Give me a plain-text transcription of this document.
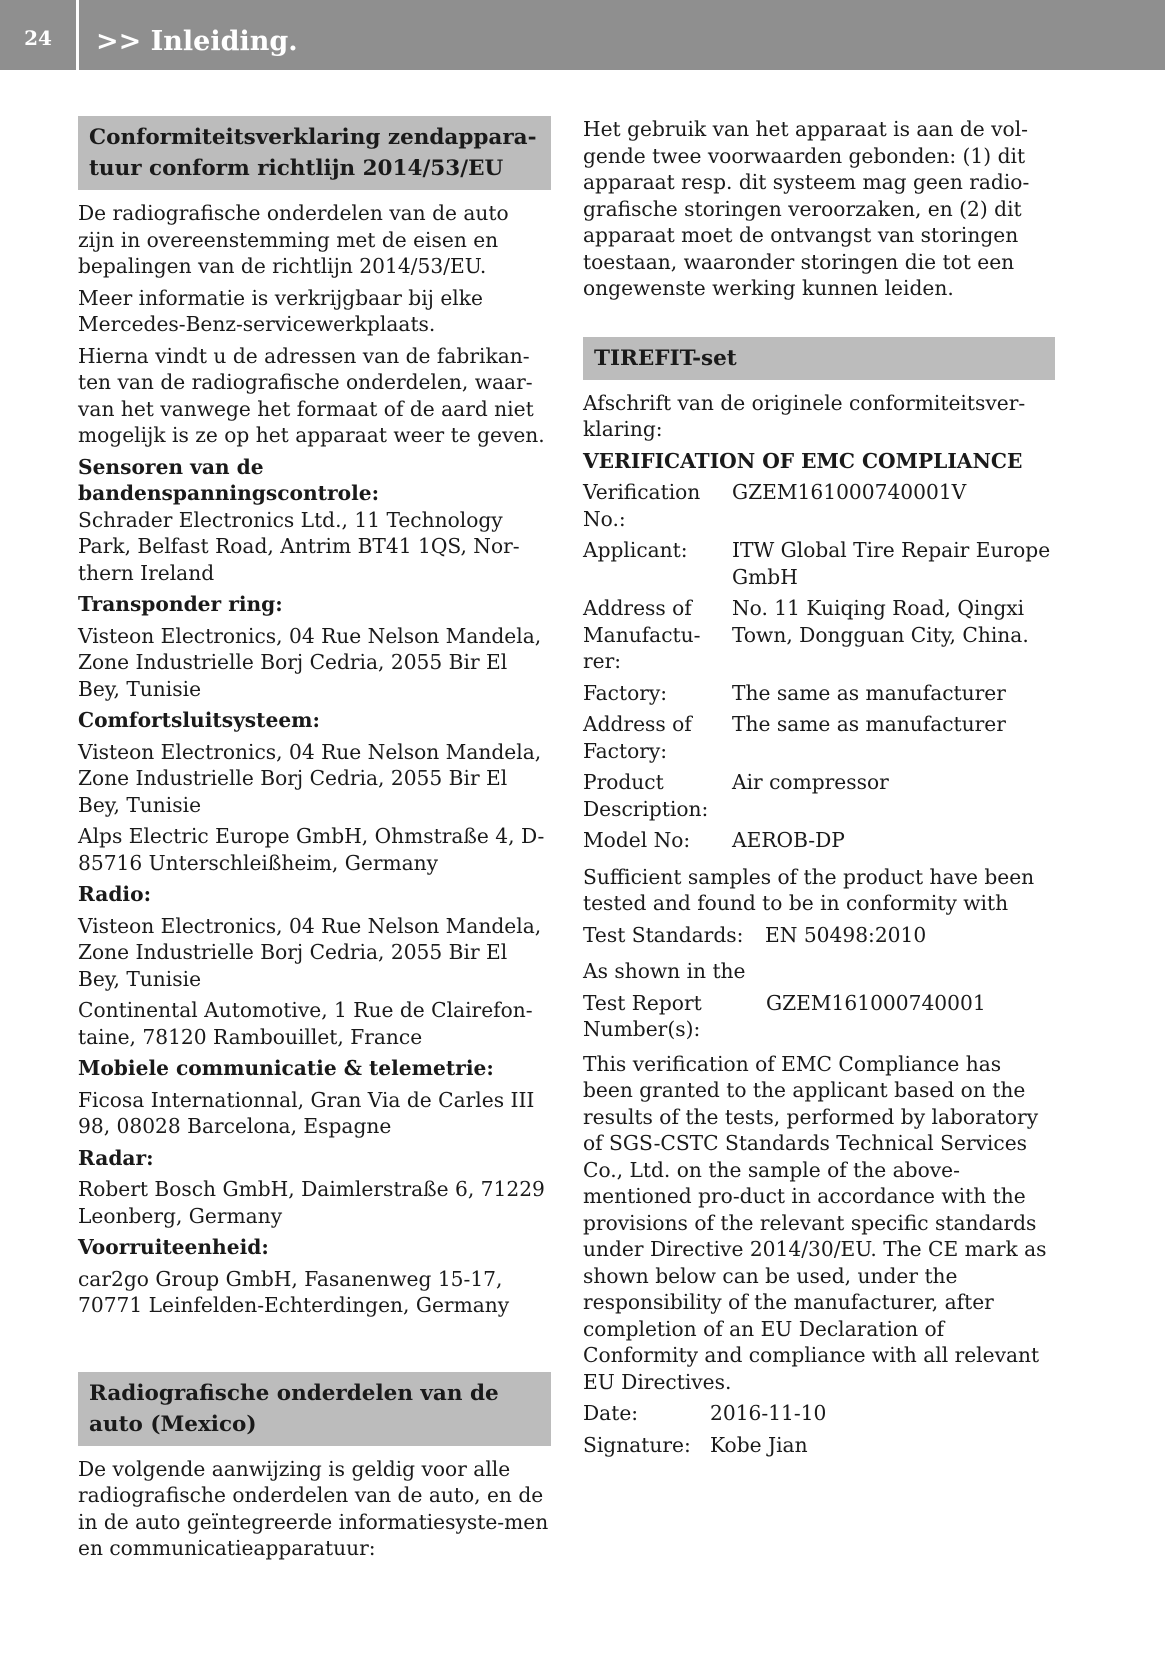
24	>> Inleiding.
Conformiteitsverklaring zendappara-tuur conform richtlijn 2014/53/EU

De radiografische onderdelen van de auto zijn in overeenstemming met de eisen en bepalingen van de richtlijn 2014/53/EU.

Meer informatie is verkrijgbaar bij elke Mercedes-Benz-servicewerkplaats.

Hierna vindt u de adressen van de fabrikan-ten van de radiografische onderdelen, waar-van het vanwege het formaat of de aard niet mogelijk is ze op het apparaat weer te geven.

Sensoren van de bandenspanningscontrole:

Schrader Electronics Ltd., 11 Technology Park, Belfast Road, Antrim BT41 1QS, Nor-thern Ireland

Transponder ring:

Visteon Electronics, 04 Rue Nelson Mandela, Zone Industrielle Borj Cedria, 2055 Bir El Bey, Tunisie

Comfortsluitsysteem:

Visteon Electronics, 04 Rue Nelson Mandela, Zone Industrielle Borj Cedria, 2055 Bir El Bey, Tunisie

Alps Electric Europe GmbH, Ohmstraße 4, D-85716 Unterschleißheim, Germany

Radio:

Visteon Electronics, 04 Rue Nelson Mandela, Zone Industrielle Borj Cedria, 2055 Bir El Bey, Tunisie

Continental Automotive, 1 Rue de Clairefon-taine, 78120 Rambouillet, France

Mobiele communicatie & telemetrie:

Ficosa Internationnal, Gran Via de Carles III 98, 08028 Barcelona, Espagne

Radar:

Robert Bosch GmbH, Daimlerstraße 6, 71229 Leonberg, Germany

Voorruiteenheid:

car2go Group GmbH, Fasanenweg 15-17, 70771 Leinfelden-Echterdingen, Germany

Radiografische onderdelen van de auto (Mexico)

De volgende aanwijzing is geldig voor alle radiografische onderdelen van de auto, en de in de auto geïntegreerde informatiesyste-men en communicatieapparatuur:

Het gebruik van het apparaat is aan de vol-gende twee voorwaarden gebonden: (1) dit apparaat resp. dit systeem mag geen radio-grafische storingen veroorzaken, en (2) dit apparaat moet de ontvangst van storingen toestaan, waaronder storingen die tot een ongewenste werking kunnen leiden.

TIREFIT-set

Afschrift van de originele conformiteitsver-klaring:

VERIFICATION OF EMC COMPLIANCE
Verification No.:
GZEM161000740001V
Applicant:	ITW Global Tire Repair Europe GmbH
Address of Manufactu-rer:
No. 11 Kuiqing Road, Qingxi Town, Dongguan City, China.
Factory:	The same as manufacturer
Address of Factory:
The same as manufacturer
Product Description:
Air compressor
Model No:	AEROB-DP

Sufficient samples of the product have been tested and found to be in conformity with

Test Standards:	EN 50498:2010

As shown in the

Test Report Number(s):
GZEM161000740001

This verification of EMC Compliance has been granted to the applicant based on the results of the tests, performed by laboratory of SGS-CSTC Standards Technical Services Co., Ltd. on the sample of the above-mentioned pro-duct in accordance with the provisions of the relevant specific standards under Directive 2014/30/EU. The CE mark as shown below can be used, under the responsibility of the manufacturer, after completion of an EU Declaration of Conformity and compliance with all relevant EU Directives.

Date:	2016-11-10
Signature: Kobe Jian
